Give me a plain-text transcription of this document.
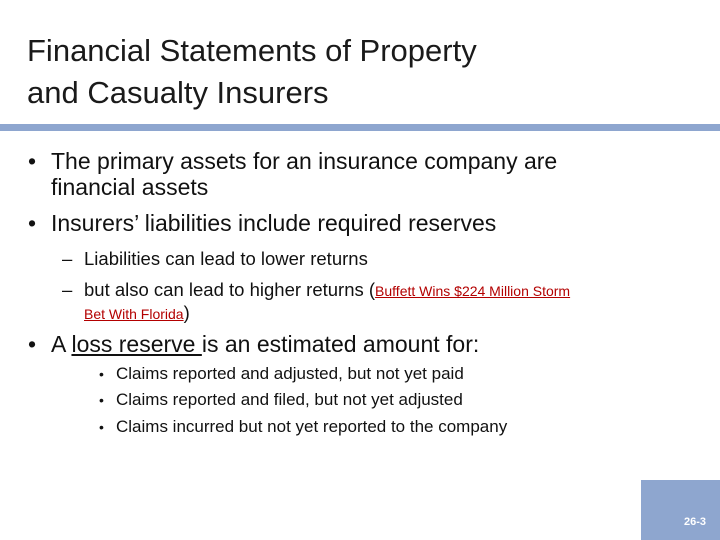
Financial Statements of Property
and Casualty Insurers
• The primary assets for an insurance company are
financial assets
• Insurers’ liabilities include required reserves
– Liabilities can lead to lower returns
– but also can lead to higher returns (Buffett Wins $224 Million Storm
Bet With Florida)
• A loss reserve is an estimated amount for:
• Claims reported and adjusted, but not yet paid
• Claims reported and filed, but not yet adjusted
• Claims incurred but not yet reported to the company
26-3
